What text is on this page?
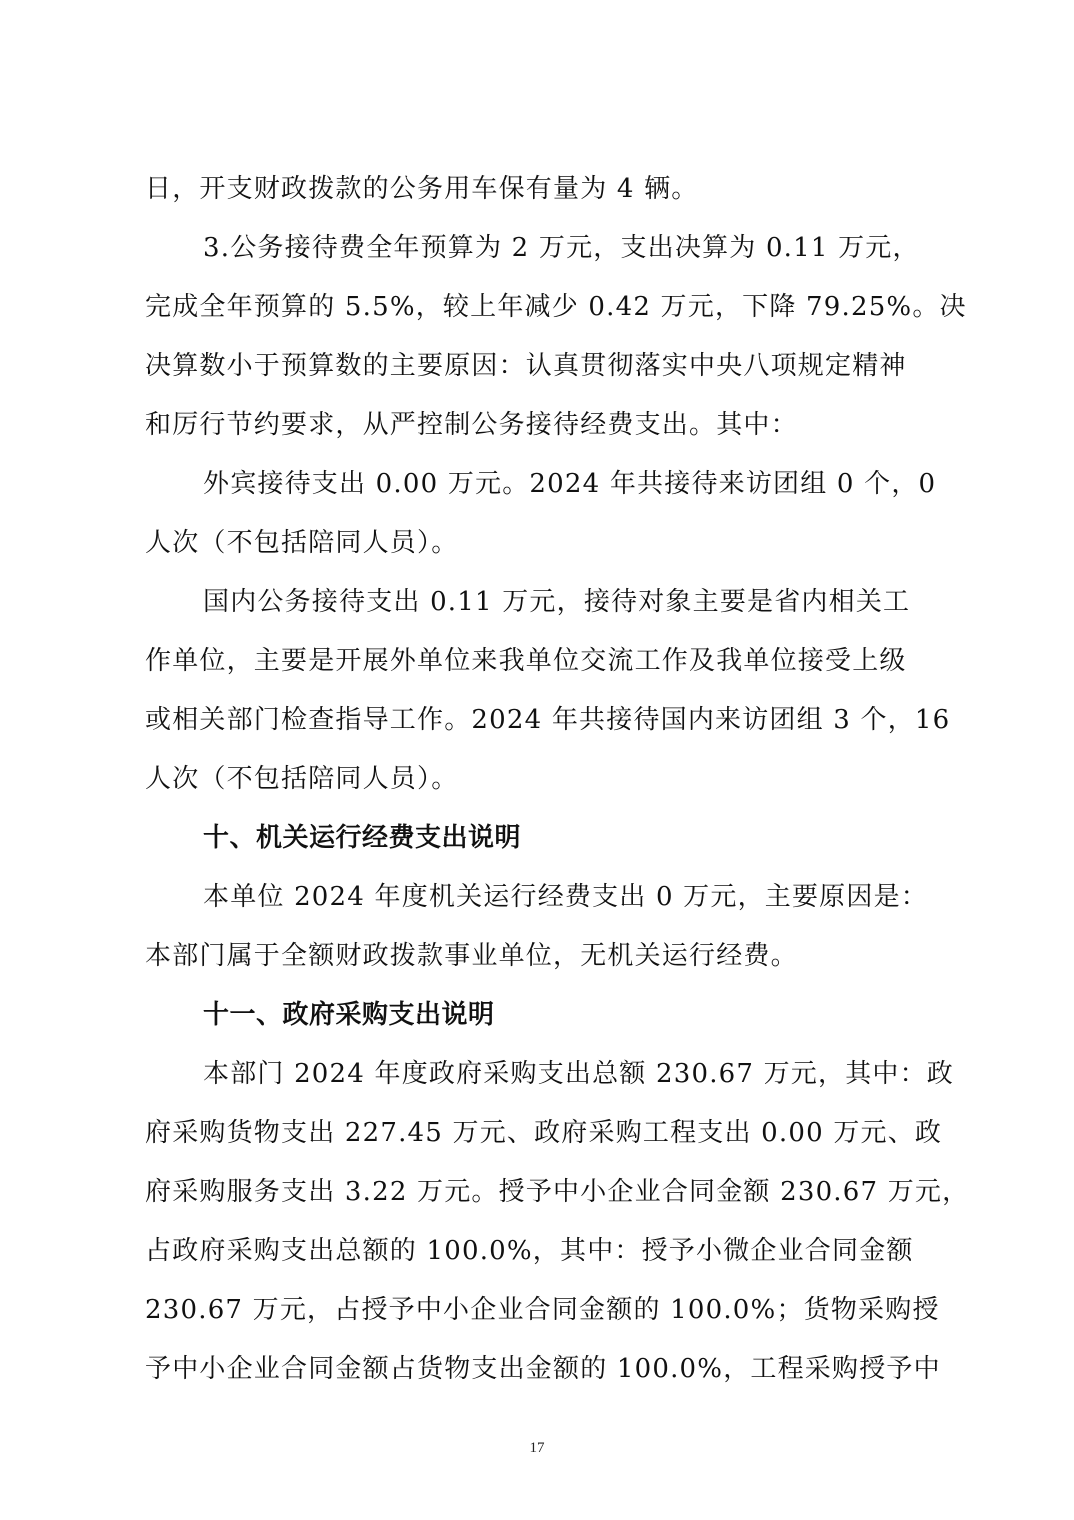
日，开支财政拨款的公务用车保有量为 4 辆。
3.公务接待费全年预算为 2 万元，支出决算为 0.11 万元，
完成全年预算的 5.5%，较上年减少 0.42 万元，下降 79.25%。决
决算数小于预算数的主要原因：认真贯彻落实中央八项规定精神
和厉行节约要求，从严控制公务接待经费支出。其中：
外宾接待支出 0.00 万元。2024 年共接待来访团组 0 个，0
人次（不包括陪同人员）。
国内公务接待支出 0.11 万元，接待对象主要是省内相关工
作单位，主要是开展外单位来我单位交流工作及我单位接受上级
或相关部门检查指导工作。2024 年共接待国内来访团组 3 个，16
人次（不包括陪同人员）。
十、机关运行经费支出说明
本单位 2024 年度机关运行经费支出 0 万元，主要原因是：
本部门属于全额财政拨款事业单位，无机关运行经费。
十一、政府采购支出说明
本部门 2024 年度政府采购支出总额 230.67 万元，其中：政
府采购货物支出 227.45 万元、政府采购工程支出 0.00 万元、政
府采购服务支出 3.22 万元。授予中小企业合同金额 230.67 万元，
占政府采购支出总额的 100.0%，其中：授予小微企业合同金额
230.67 万元，占授予中小企业合同金额的 100.0%；货物采购授
予中小企业合同金额占货物支出金额的 100.0%，工程采购授予中
17
